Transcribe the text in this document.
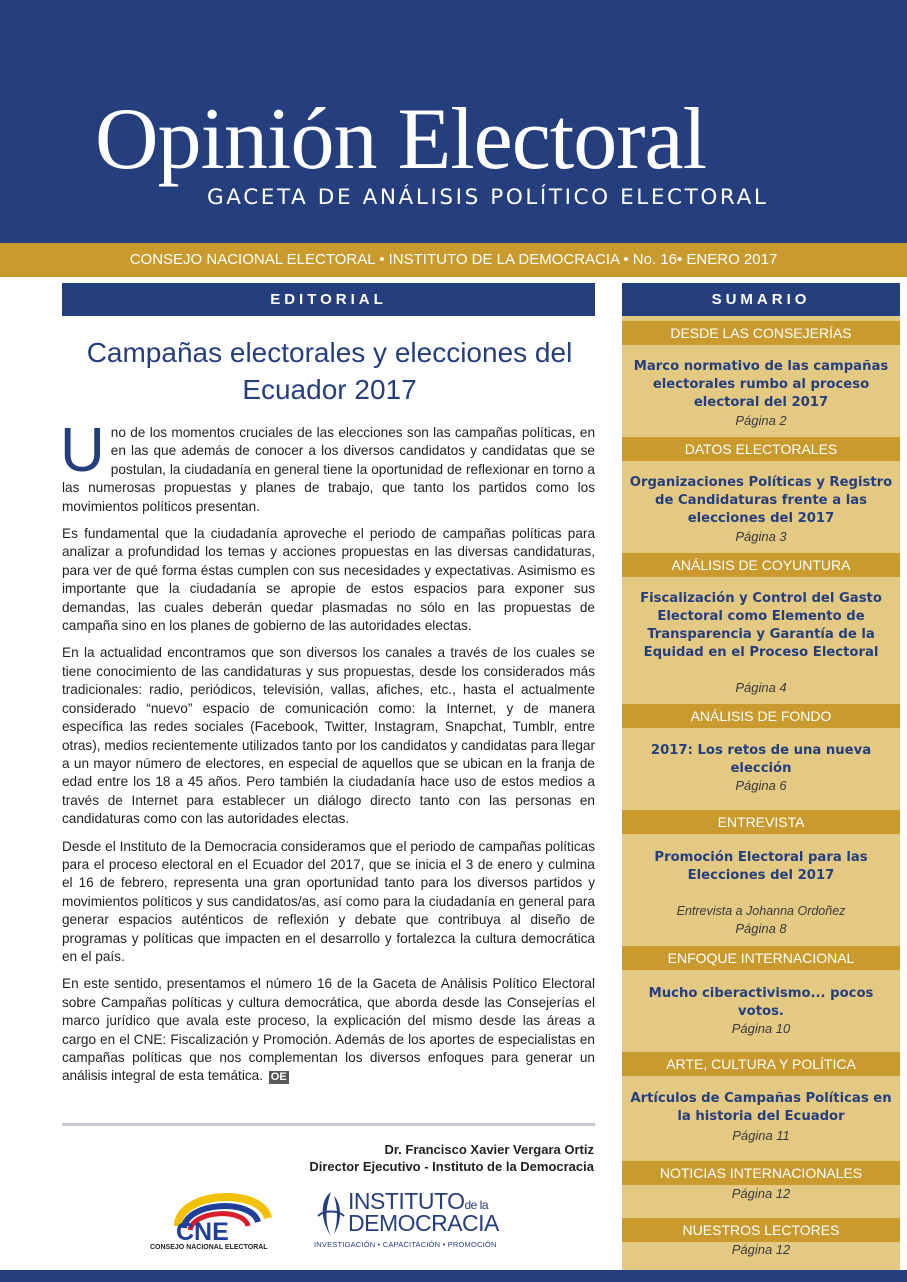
Opinión Electoral
GACETA DE ANÁLISIS POLÍTICO ELECTORAL
CONSEJO NACIONAL ELECTORAL • INSTITUTO DE LA DEMOCRACIA • No. 16• ENERO 2017
EDITORIAL
Campañas electorales y elecciones del
Ecuador 2017

Uno de los momentos cruciales de las elecciones son las campañas políticas, en en las que además de conocer a los diversos candidatos y candidatas que se postulan, la ciudadanía en general tiene la oportunidad de reflexionar en torno a las numerosas propuestas y planes de trabajo, que tanto los partidos como los movimientos políticos presentan.

Es fundamental que la ciudadanía aproveche el periodo de campañas políticas para analizar a profundidad los temas y acciones propuestas en las diversas candidaturas, para ver de qué forma éstas cumplen con sus necesidades y expectativas. Asimismo es importante que la ciudadanía se apropie de estos espacios para exponer sus demandas, las cuales deberán quedar plasmadas no sólo en las propuestas de campaña sino en los planes de gobierno de las autoridades electas.

En la actualidad encontramos que son diversos los canales a través de los cuales se tiene conocimiento de las candidaturas y sus propuestas, desde los considerados más tradicionales: radio, periódicos, televisión, vallas, afiches, etc., hasta el actualmente considerado “nuevo” espacio de comunicación como: la Internet, y de manera específica las redes sociales (Facebook, Twitter, Instagram, Snapchat, Tumblr, entre otras), medios recientemente utilizados tanto por los candidatos y candidatas para llegar a un mayor número de electores, en especial de aquellos que se ubican en la franja de edad entre los 18 a 45 años. Pero también la ciudadanía hace uso de estos medios a través de Internet para establecer un diálogo directo tanto con las personas en candidaturas como con las autoridades electas.

Desde el Instituto de la Democracia consideramos que el periodo de campañas políticas para el proceso electoral en el Ecuador del 2017, que se inicia el 3 de enero y culmina el 16 de febrero, representa una gran oportunidad tanto para los diversos partidos y movimientos políticos y sus candidatos/as, así como para la ciudadanía en general para generar espacios auténticos de reflexión y debate que contribuya al diseño de programas y políticas que impacten en el desarrollo y fortalezca la cultura democrática en el país.

En este sentido, presentamos el número 16 de la Gaceta de Análisis Político Electoral sobre Campañas políticas y cultura democrática, que aborda desde las Consejerías el marco jurídico que avala este proceso, la explicación del mismo desde las áreas a cargo en el CNE: Fiscalización y Promoción. Además de los aportes de especialistas en campañas políticas que nos complementan los diversos enfoques para generar un análisis integral de esta temática. OE

Dr. Francisco Xavier Vergara Ortiz
Director Ejecutivo - Instituto de la Democracia
CNE
CONSEJO NACIONAL ELECTORAL
INSTITUTOde la
DEMOCRACIA
INVESTIGACIÓN • CAPACITACIÓN • PROMOCIÓN
SUMARIO
DESDE LAS CONSEJERÍAS
Marco normativo de las campañas electorales rumbo al proceso electoral del 2017
Página 2
DATOS ELECTORALES
Organizaciones Políticas y Registro de Candidaturas frente a las elecciones del 2017
Página 3
ANÁLISIS DE COYUNTURA
Fiscalización y Control del Gasto Electoral como Elemento de Transparencia y Garantía de la Equidad en el Proceso Electoral
Página 4
ANÁLISIS DE FONDO
2017: Los retos de una nueva elección
Página 6
ENTREVISTA
Promoción Electoral para las Elecciones del 2017
Entrevista a Johanna Ordoñez
Página 8
ENFOQUE INTERNACIONAL
Mucho ciberactivismo... pocos votos.
Página 10
ARTE, CULTURA Y POLÍTICA
Artículos de Campañas Políticas en la historia del Ecuador
Página 11
NOTICIAS INTERNACIONALES
Página 12
NUESTROS LECTORES
Página 12
